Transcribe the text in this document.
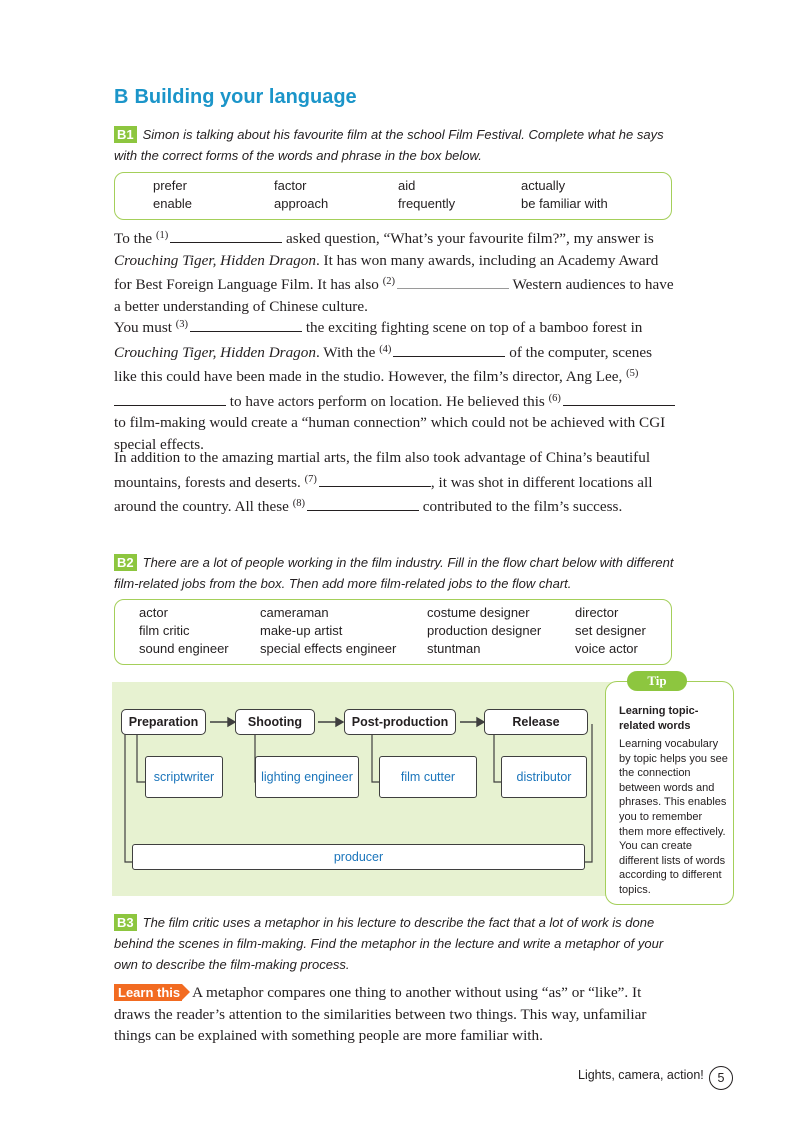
B Building your language
B1 Simon is talking about his favourite film at the school Film Festival. Complete what he says with the correct forms of the words and phrase in the box below.
prefer	factor	aid	actually
enable	approach	frequently	be familiar with
To the $^{(1)}$	asked question, “What’s your favourite film?”, my answer is Crouching Tiger, Hidden Dragon. It has won many awards, including an Academy Award for Best Foreign Language Film. It has also $^{(2)}$	Western audiences to have a better understanding of Chinese culture.
You must $^{(3)}$	the exciting fighting scene on top of a bamboo forest in Crouching Tiger, Hidden Dragon. With the $^{(4)}$	of the computer, scenes like this could have been made in the studio. However, the film’s director, Ang Lee, $^{(5)}$ to have actors perform on location. He believed this $^{(6)}$ to film-making would create a “human connection” which could not be achieved with CGI special effects.
In addition to the amazing martial arts, the film also took advantage of China’s beautiful mountains, forests and deserts. $^{(7)}$	, it was shot in different locations all around the country. All these $^{(8)}$	contributed to the film’s success.
B2 There are a lot of people working in the film industry. Fill in the flow chart below with different film-related jobs from the box. Then add more film-related jobs to the flow chart.
actor	cameraman	costume designer	director
film critic	make-up artist	production designer	set designer
sound engineer	special effects engineer	stuntman	voice actor
Preparation	Shooting	Post-production	Release
scriptwriter	lighting engineer	film cutter	distributor
producer
Tip
Learning topic-related words
Learning vocabulary by topic helps you see the connection between words and phrases. This enables you to remember them more effectively. You can create different lists of words according to different topics.
B3 The film critic uses a metaphor in his lecture to describe the fact that a lot of work is done behind the scenes in film-making. Find the metaphor in the lecture and write a metaphor of your own to describe the film-making process.
Learn this A metaphor compares one thing to another without using “as” or “like”. It draws the reader’s attention to the similarities between two things. This way, unfamiliar things can be explained with something people are more familiar with.
Lights, camera, action!	5
